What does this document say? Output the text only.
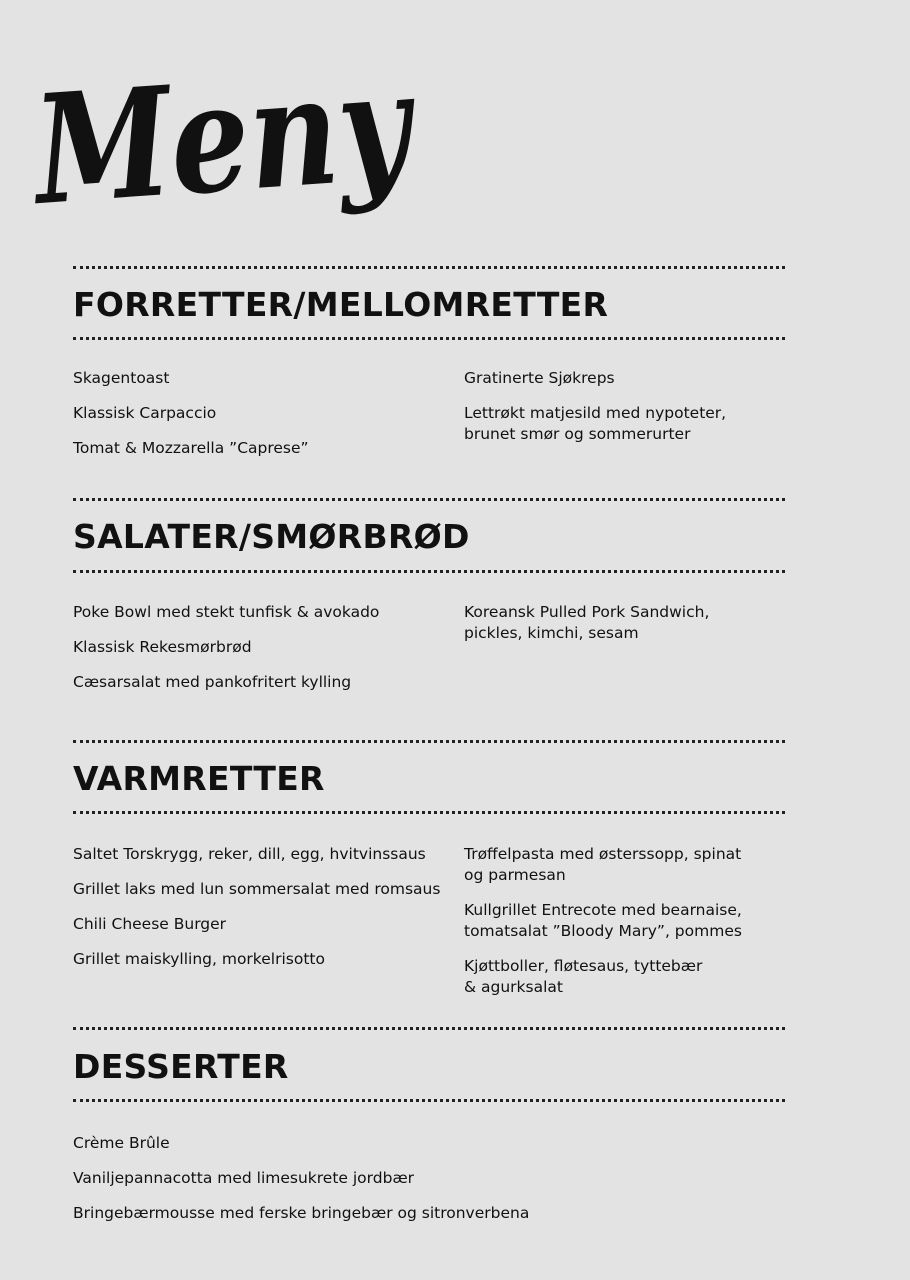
Meny
FORRETTER/MELLOMRETTER
Skagentoast
Klassisk Carpaccio
Tomat & Mozzarella ”Caprese”
Gratinerte Sjøkreps
Lettrøkt matjesild med nypoteter,
brunet smør og sommerurter
SALATER/SMØRBRØD
Poke Bowl med stekt tunfisk & avokado
Klassisk Rekesmørbrød
Cæsarsalat med pankofritert kylling
Koreansk Pulled Pork Sandwich,
pickles, kimchi, sesam
VARMRETTER
Saltet Torskrygg, reker, dill, egg, hvitvinssaus
Grillet laks med lun sommersalat med romsaus
Chili Cheese Burger
Grillet maiskylling, morkelrisotto
Trøffelpasta med østerssopp, spinat
og parmesan
Kullgrillet Entrecote med bearnaise,
tomatsalat ”Bloody Mary”, pommes
Kjøttboller, fløtesaus, tyttebær
& agurksalat
DESSERTER
Crème Brûle
Vaniljepannacotta med limesukrete jordbær
Bringebærmousse med ferske bringebær og sitronverbena
